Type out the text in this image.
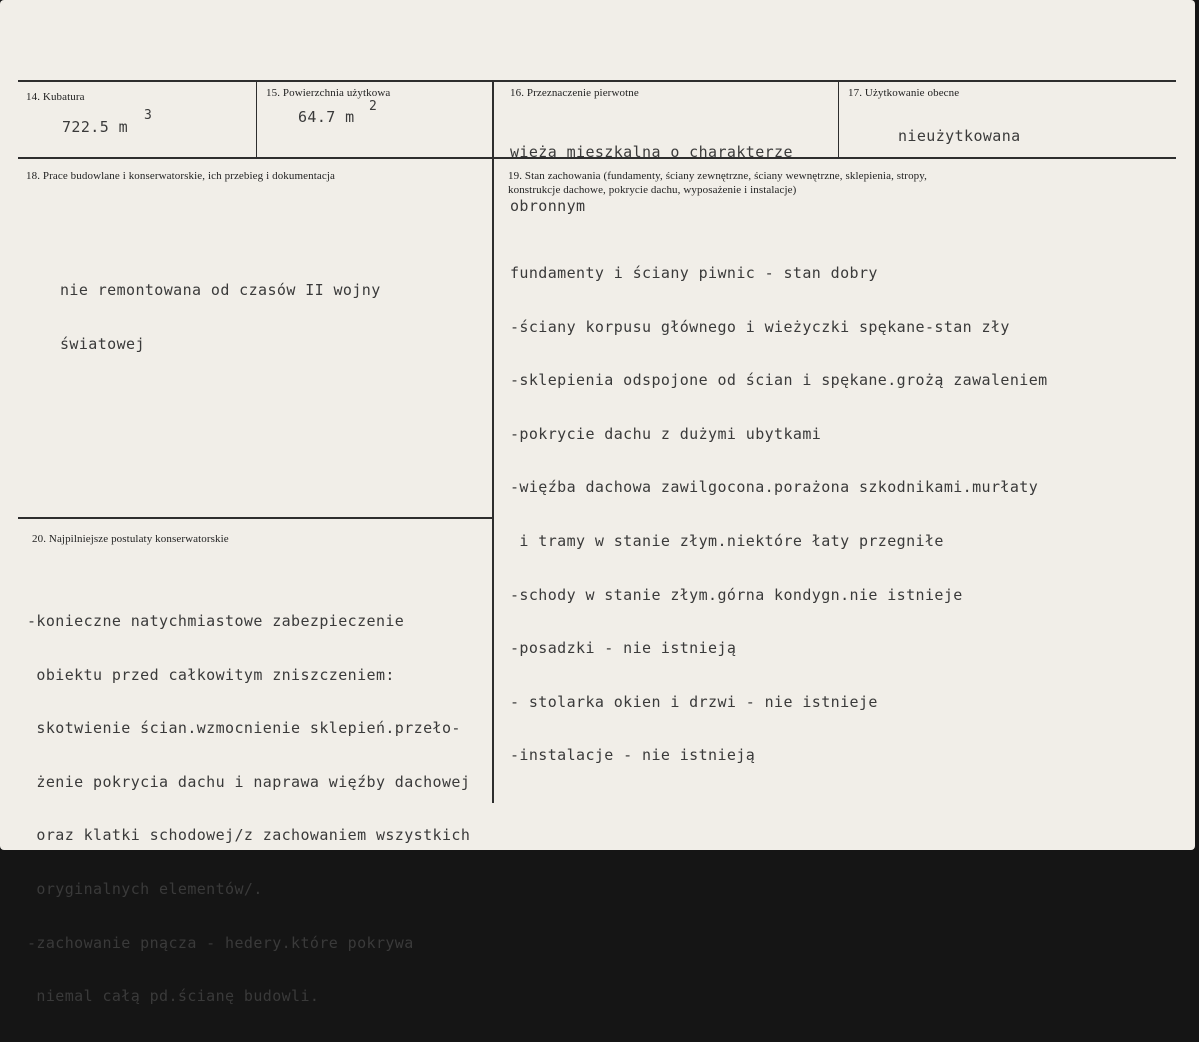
14. Kubatura
722.5 m
3
15. Powierzchnia użytkowa
64.7 m
2
16. Przeznaczenie pierwotne

wieża mieszkalna o charakterze

obronnym

17. Użytkowanie obecne
nieużytkowana
18. Prace budowlane i konserwatorskie, ich przebieg i dokumentacja

nie remontowana od czasów II wojny

światowej

19. Stan zachowania (fundamenty, ściany zewnętrzne, ściany wewnętrzne, sklepienia, stropy,
konstrukcje dachowe, pokrycie dachu, wyposażenie i instalacje)

fundamenty i ściany piwnic - stan dobry

-ściany korpusu głównego i wieżyczki spękane-stan zły

-sklepienia odspojone od ścian i spękane.grożą zawaleniem

-pokrycie dachu z dużymi ubytkami

-więźba dachowa zawilgocona.porażona szkodnikami.murłaty

i tramy w stanie złym.niektóre łaty przegniłe

-schody w stanie złym.górna kondygn.nie istnieje

-posadzki - nie istnieją

- stolarka okien i drzwi - nie istnieje

-instalacje - nie istnieją

20. Najpilniejsze postulaty konserwatorskie

-konieczne natychmiastowe zabezpieczenie

obiektu przed całkowitym zniszczeniem:

skotwienie ścian.wzmocnienie sklepień.przeło-

żenie pokrycia dachu i naprawa więźby dachowej

oraz klatki schodowej/z zachowaniem wszystkich

oryginalnych elementów/.

-zachowanie pnącza - hedery.które pokrywa

niemal całą pd.ścianę budowli.
